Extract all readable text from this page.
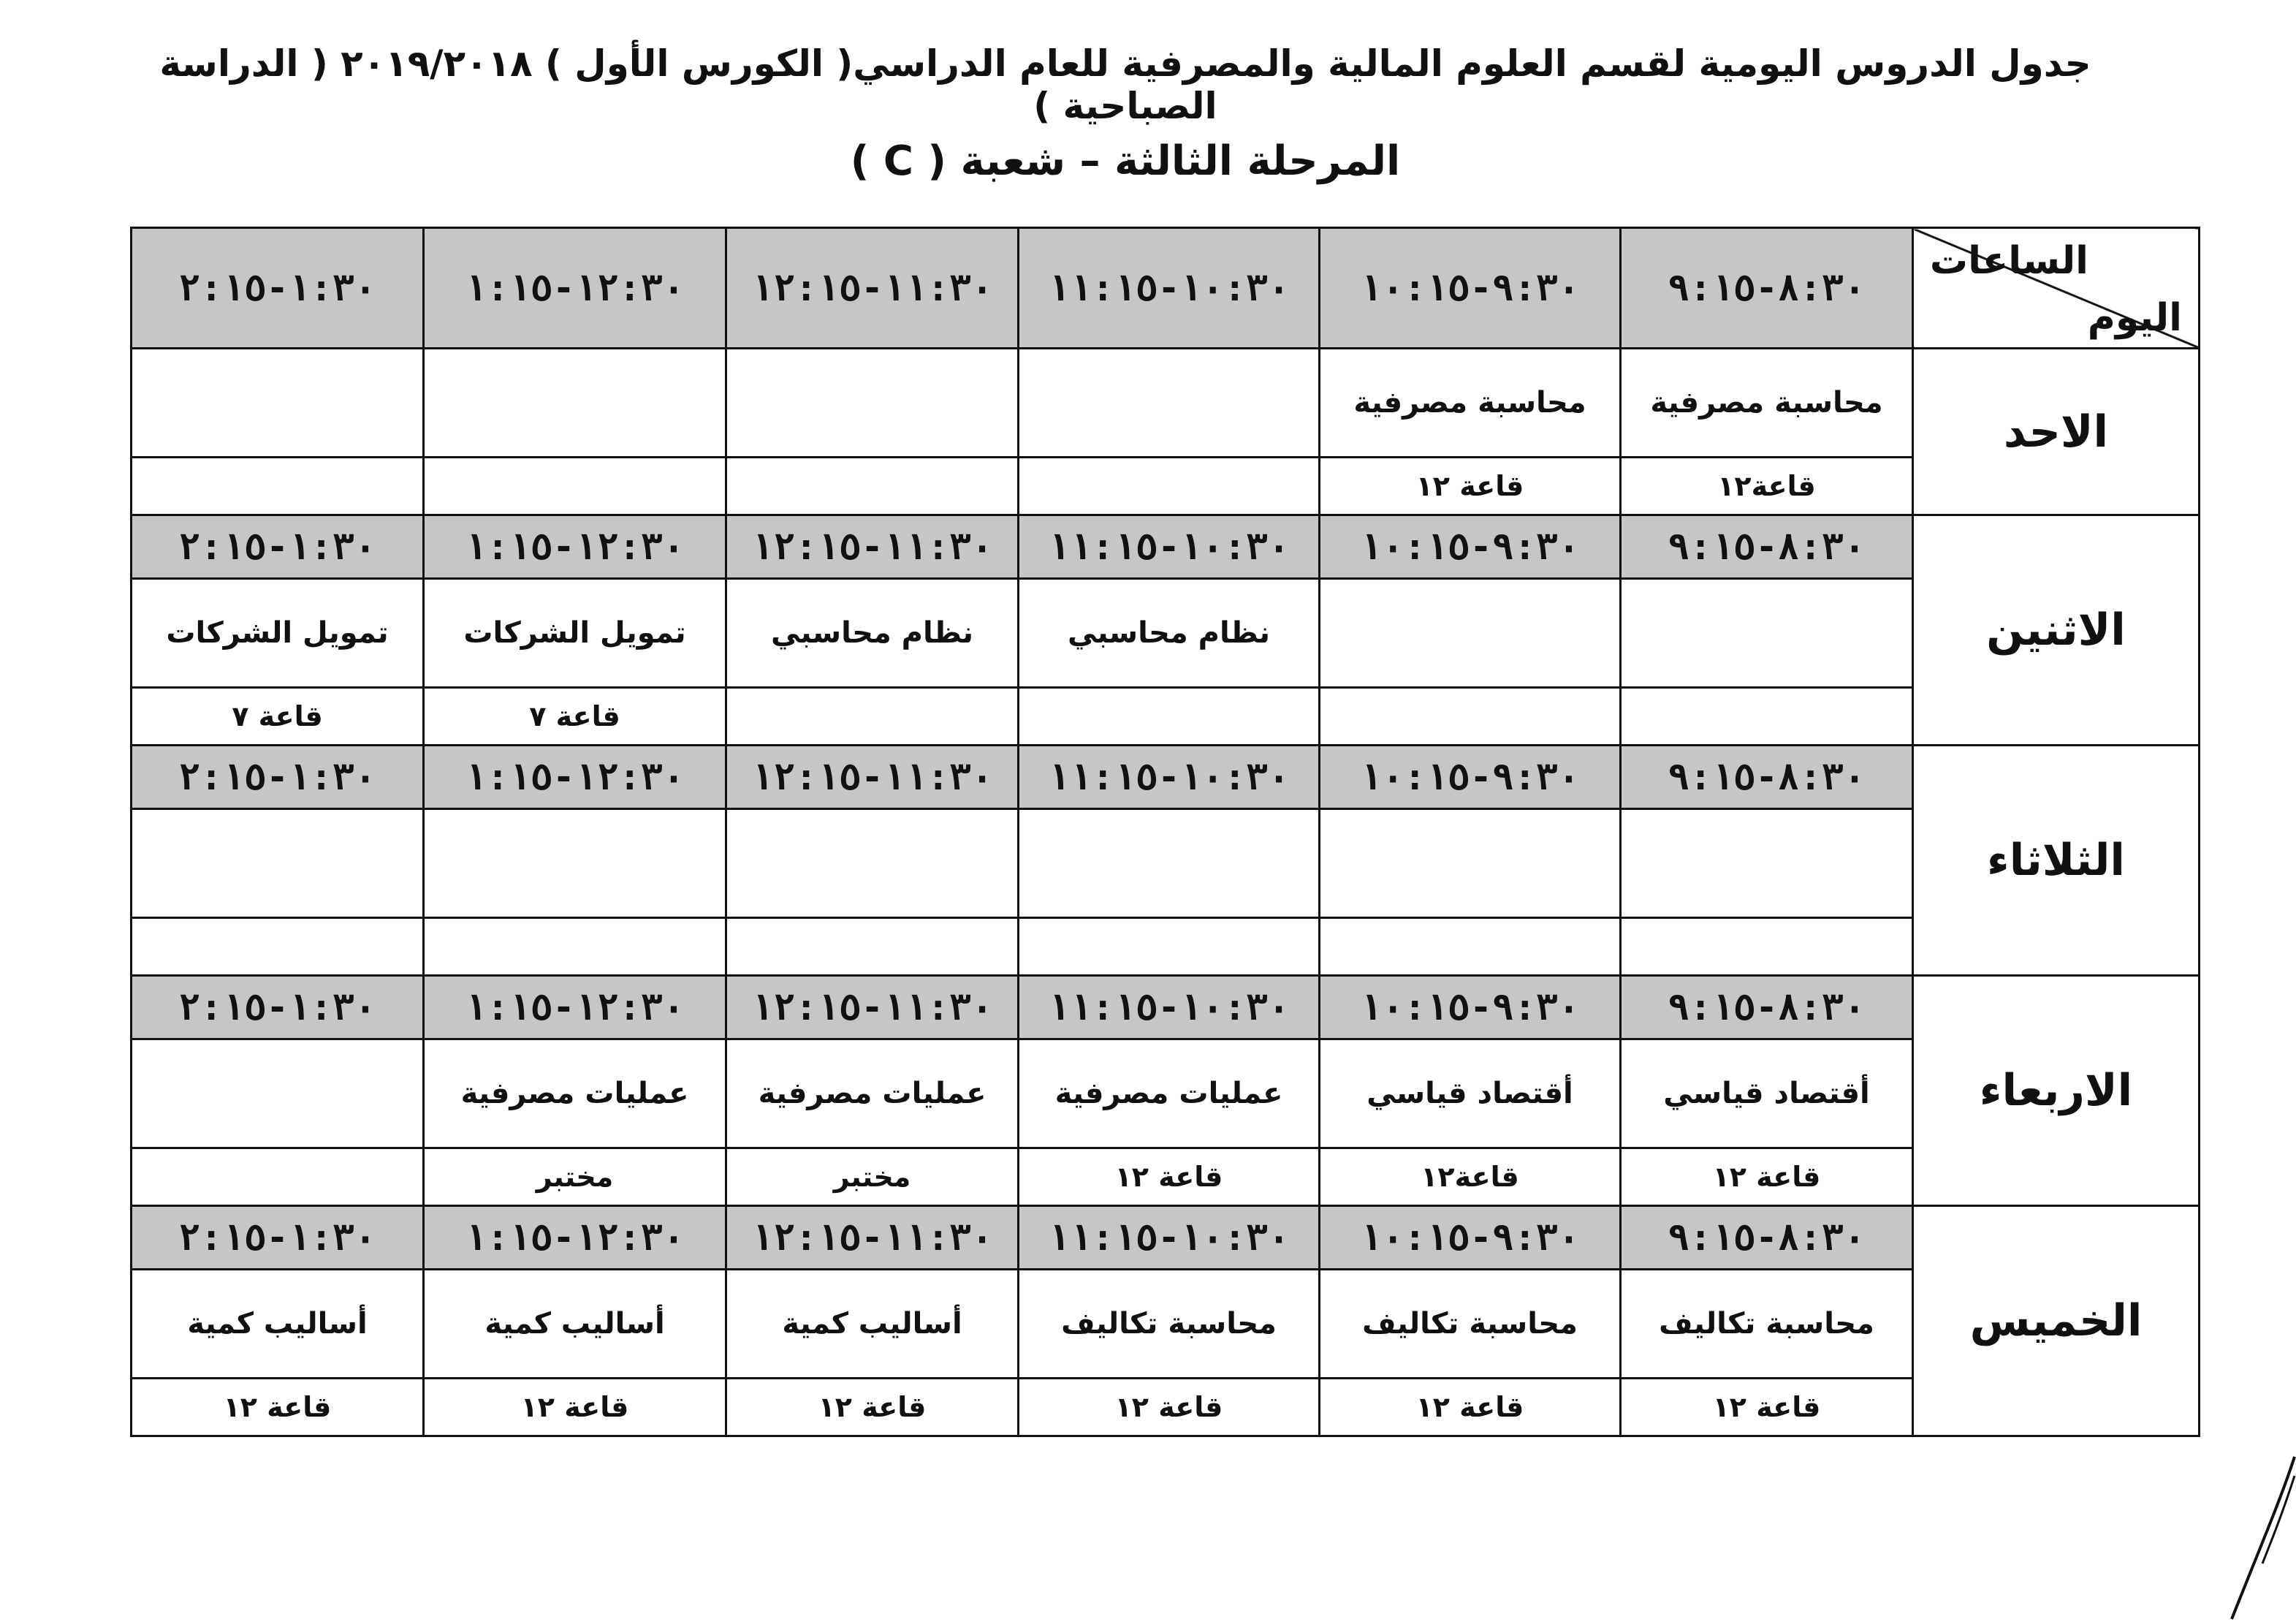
جدول الدروس اليومية لقسم العلوم المالية والمصرفية للعام الدراسي( الكورس الأول ) ٢٠١٩/٢٠١٨ ( الدراسة الصباحية )
المرحلة الثالثة – شعبة ( C )
الساعات
اليوم	٨:٣٠-٩:١٥	٩:٣٠-١٠:١٥	١٠:٣٠-١١:١٥	١١:٣٠-١٢:١٥	١٢:٣٠-١:١٥	١:٣٠-٢:١٥
الاحد	محاسبة مصرفية	محاسبة مصرفية				
	قاعة١٢	قاعة ١٢				
الاثنين	٨:٣٠-٩:١٥	٩:٣٠-١٠:١٥	١٠:٣٠-١١:١٥	١١:٣٠-١٢:١٥	١٢:٣٠-١:١٥	١:٣٠-٢:١٥
			نظام محاسبي	نظام محاسبي	تمويل الشركات	تمويل الشركات
					قاعة ٧	قاعة ٧
الثلاثاء	٨:٣٠-٩:١٥	٩:٣٠-١٠:١٥	١٠:٣٠-١١:١٥	١١:٣٠-١٢:١٥	١٢:٣٠-١:١٥	١:٣٠-٢:١٥

الاربعاء	٨:٣٠-٩:١٥	٩:٣٠-١٠:١٥	١٠:٣٠-١١:١٥	١١:٣٠-١٢:١٥	١٢:٣٠-١:١٥	١:٣٠-٢:١٥
	أقتصاد قياسي	أقتصاد قياسي	عمليات مصرفية	عمليات مصرفية	عمليات مصرفية	
	قاعة ١٢	قاعة١٢	قاعة ١٢	مختبر	مختبر	
الخميس	٨:٣٠-٩:١٥	٩:٣٠-١٠:١٥	١٠:٣٠-١١:١٥	١١:٣٠-١٢:١٥	١٢:٣٠-١:١٥	١:٣٠-٢:١٥
	محاسبة تكاليف	محاسبة تكاليف	محاسبة تكاليف	أساليب كمية	أساليب كمية	أساليب كمية
	قاعة ١٢	قاعة ١٢	قاعة ١٢	قاعة ١٢	قاعة ١٢	قاعة ١٢
